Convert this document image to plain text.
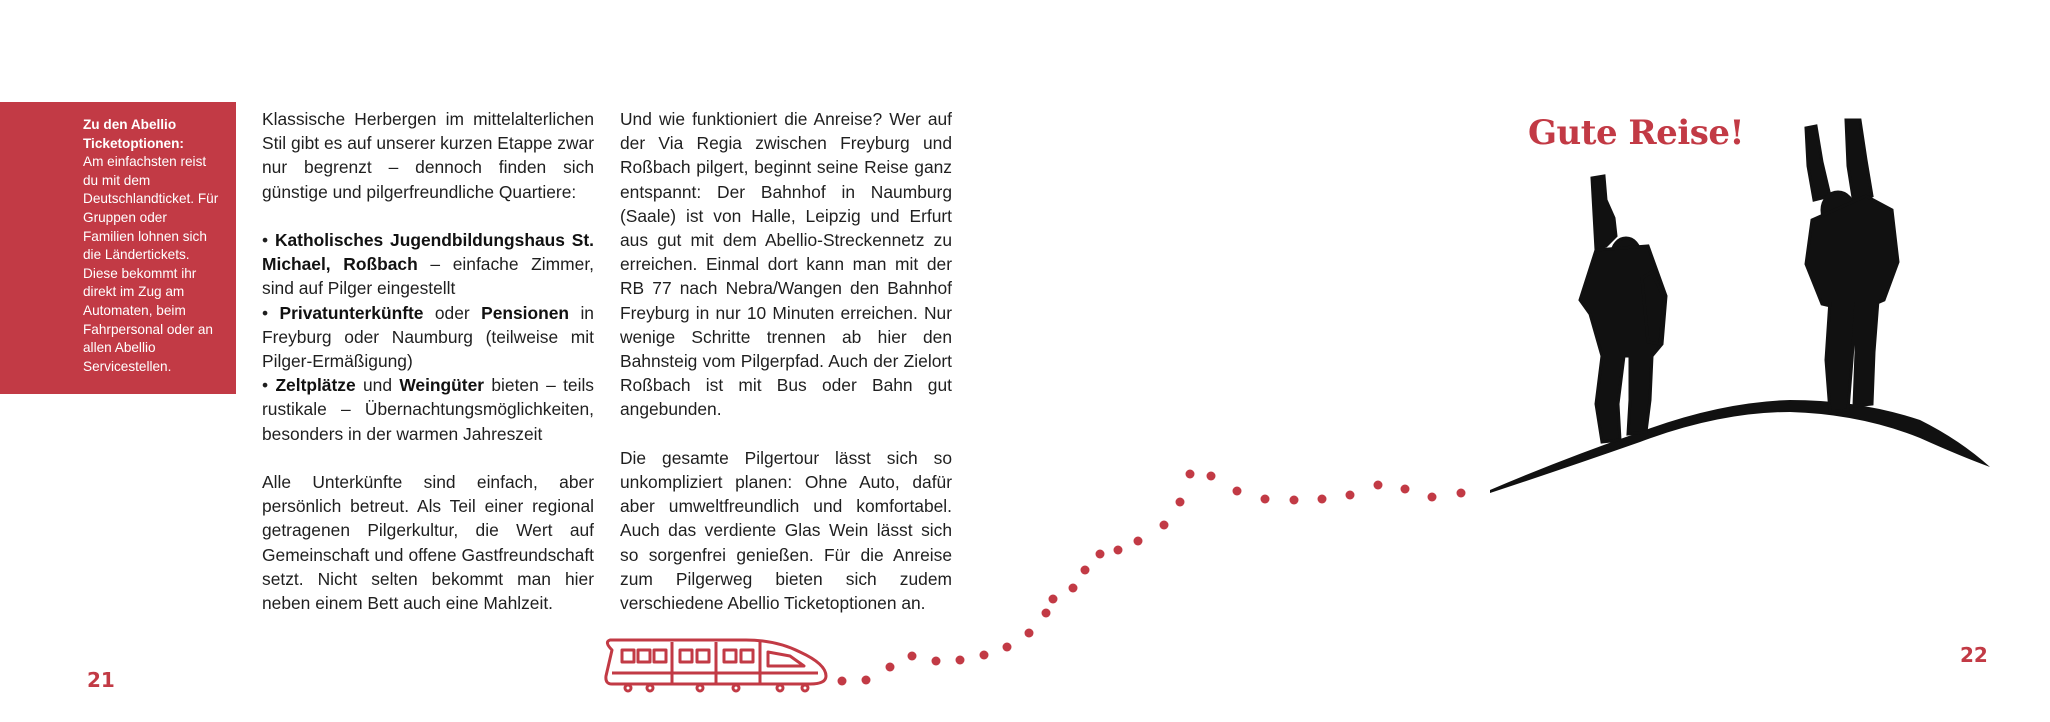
Zu den Abellio Ticketoptionen:
Am einfachsten reist du mit dem Deutschlandticket. Für Gruppen oder Familien lohnen sich die Ländertickets. Diese bekommt ihr direkt im Zug am Automaten, beim Fahrpersonal oder an allen Abellio Servicestellen.

Klassische Herbergen im mittelalterlichen Stil gibt es auf unserer kurzen Etappe zwar nur begrenzt – dennoch finden sich günstige und pilgerfreundliche Quartiere:

• Katholisches Jugendbildungshaus St. Michael, Roßbach – einfache Zimmer, sind auf Pilger eingestellt
• Privatunterkünfte oder Pensionen in Freyburg oder Naumburg (teilweise mit Pilger-Ermäßigung)
• Zeltplätze und Weingüter bieten – teils rustikale – Übernachtungsmöglichkeiten, besonders in der warmen Jahreszeit

Alle Unterkünfte sind einfach, aber persönlich betreut. Als Teil einer regional getragenen Pilgerkultur, die Wert auf Gemeinschaft und offene Gastfreundschaft setzt. Nicht selten bekommt man hier neben einem Bett auch eine Mahlzeit.

Und wie funktioniert die Anreise? Wer auf der Via Regia zwischen Freyburg und Roßbach pilgert, beginnt seine Reise ganz entspannt: Der Bahnhof in Naumburg (Saale) ist von Halle, Leipzig und Erfurt aus gut mit dem Abellio-Streckennetz zu erreichen. Einmal dort kann man mit der RB 77 nach Nebra/Wangen den Bahnhof Freyburg in nur 10 Minuten erreichen. Nur wenige Schritte trennen ab hier den Bahnsteig vom Pilgerpfad. Auch der Zielort Roßbach ist mit Bus oder Bahn gut angebunden.

Die gesamte Pilgertour lässt sich so unkompliziert planen: Ohne Auto, dafür aber umweltfreundlich und komfortabel. Auch das verdiente Glas Wein lässt sich so sorgenfrei genießen. Für die Anreise zum Pilgerweg bieten sich zudem verschiedene Abellio Ticketoptionen an.

Gute Reise!
21
22
